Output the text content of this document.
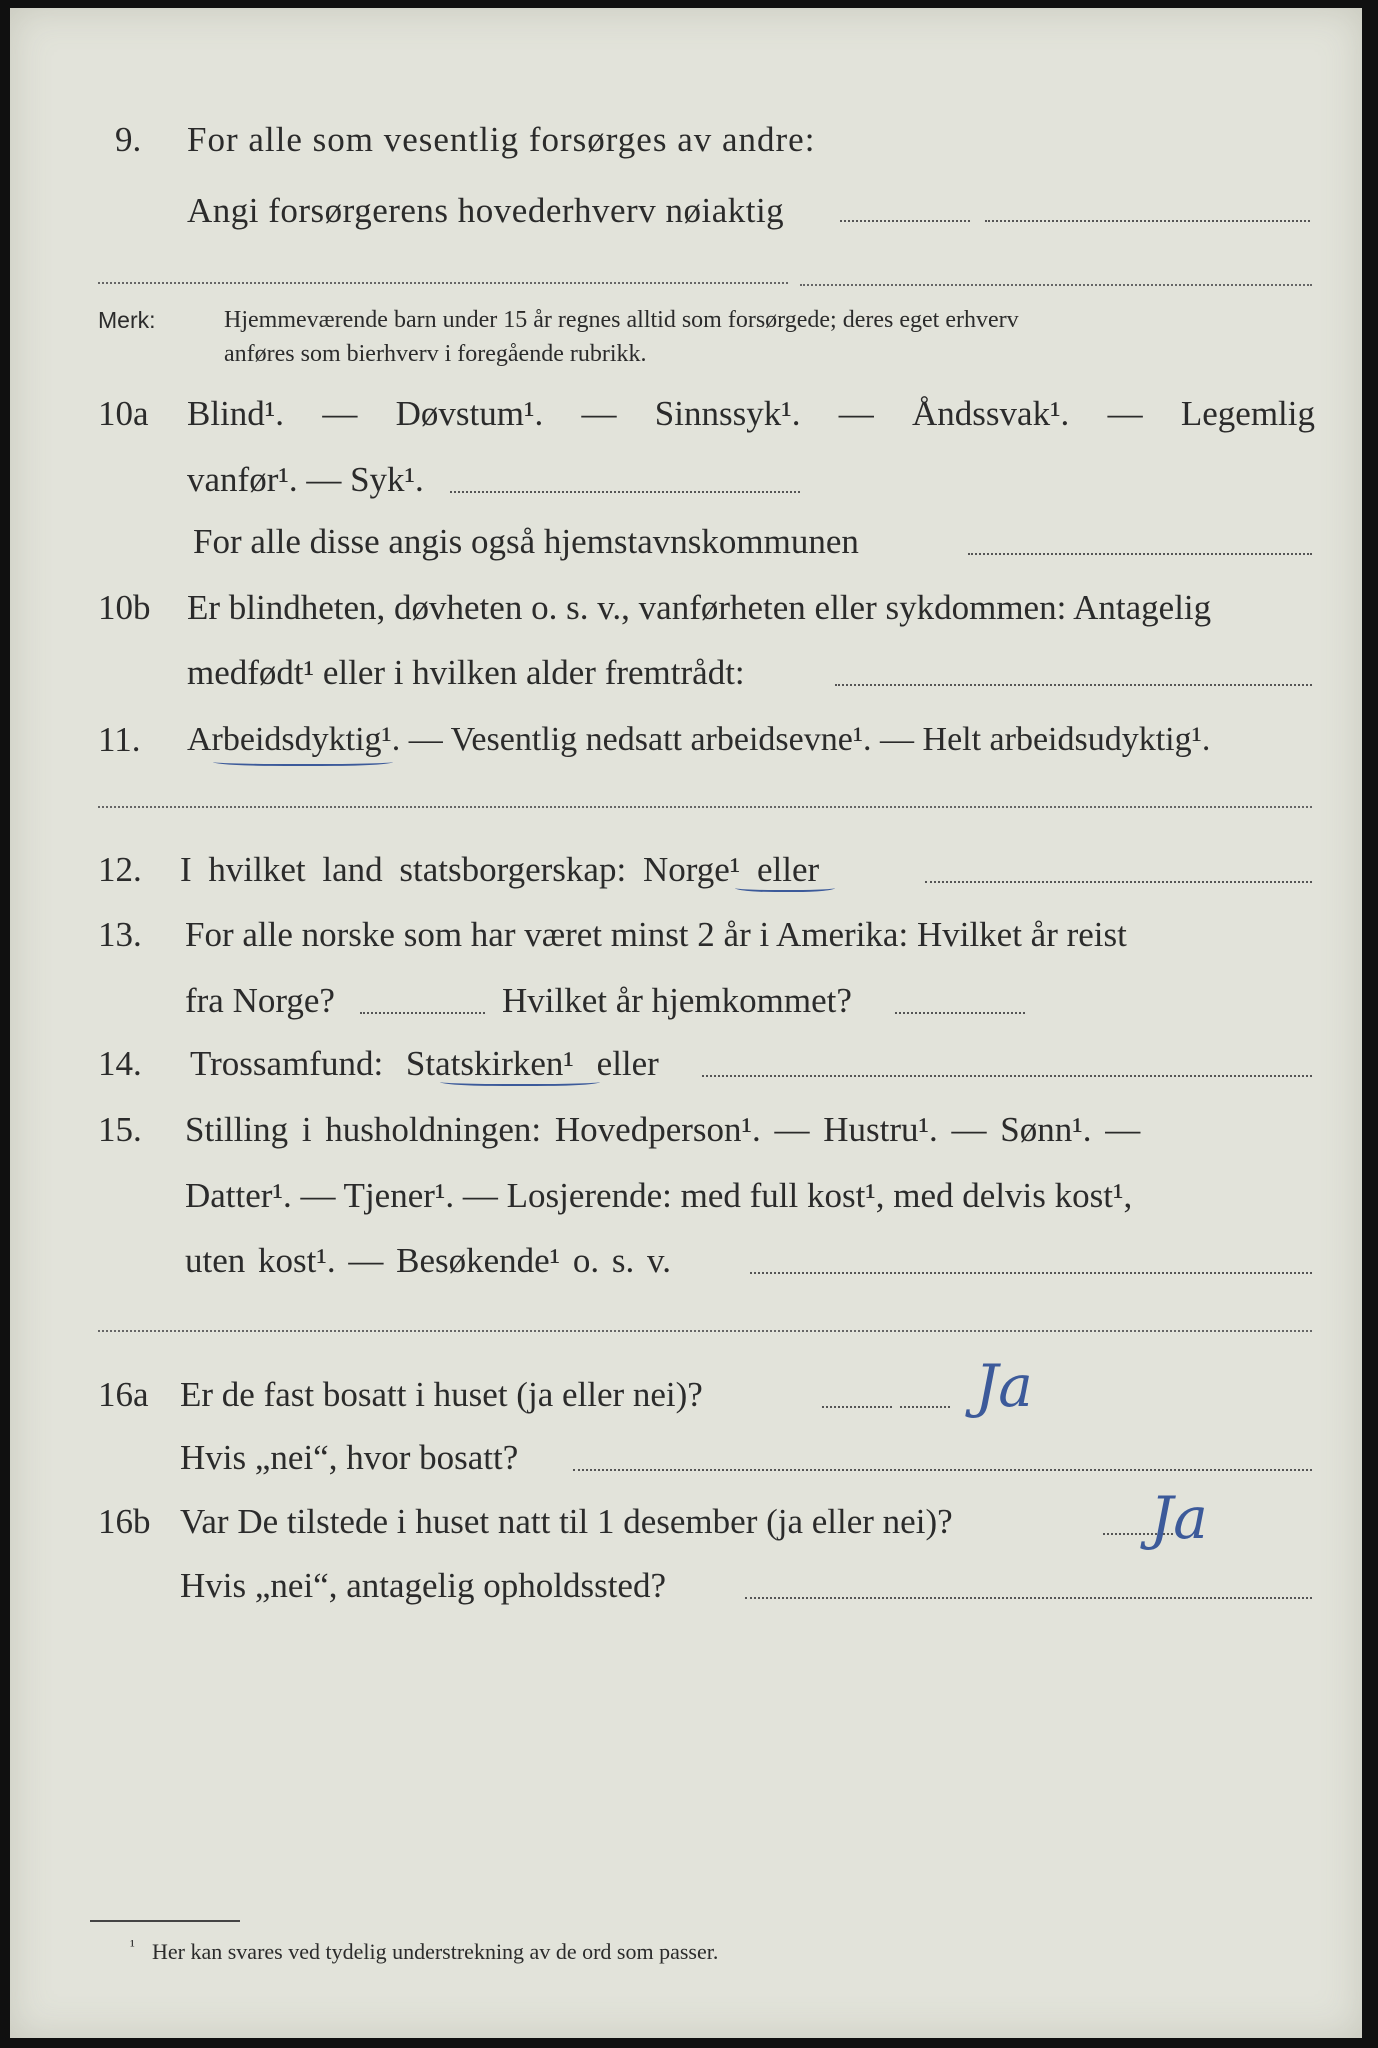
9. For alle som vesentlig forsørges av andre:
Angi forsørgerens hovederhverv nøiaktig
Merk:	Hjemmeværende barn under 15 år regnes alltid som forsørgede; deres eget erhverv
anføres som bierhverv i foregående rubrikk.
10a Blind¹. — Døvstum¹. — Sinnssyk¹. — Åndssvak¹. — Legemlig
vanfør¹. — Syk¹.
For alle disse angis også hjemstavnskommunen
10b Er blindheten, døvheten o. s. v., vanførheten eller sykdommen: Antagelig
medfødt¹ eller i hvilken alder fremtrådt:
11. Arbeidsdyktig¹. — Vesentlig nedsatt arbeidsevne¹. — Helt arbeidsudyktig¹.
12. I hvilket land statsborgerskap: Norge¹ eller
13. For alle norske som har været minst 2 år i Amerika: Hvilket år reist
fra Norge?	Hvilket år hjemkommet?
14. Trossamfund: Statskirken¹ eller
15. Stilling i husholdningen: Hovedperson¹. — Hustru¹. — Sønn¹. —
Datter¹. — Tjener¹. — Losjerende: med full kost¹, med delvis kost¹,
uten kost¹. — Besøkende¹ o. s. v.
16a Er de fast bosatt i huset (ja eller nei)?	Ja
Hvis „nei“, hvor bosatt?
16b Var De tilstede i huset natt til 1 desember (ja eller nei)?	Ja
Hvis „nei“, antagelig opholdssted?
¹ Her kan svares ved tydelig understrekning av de ord som passer.
